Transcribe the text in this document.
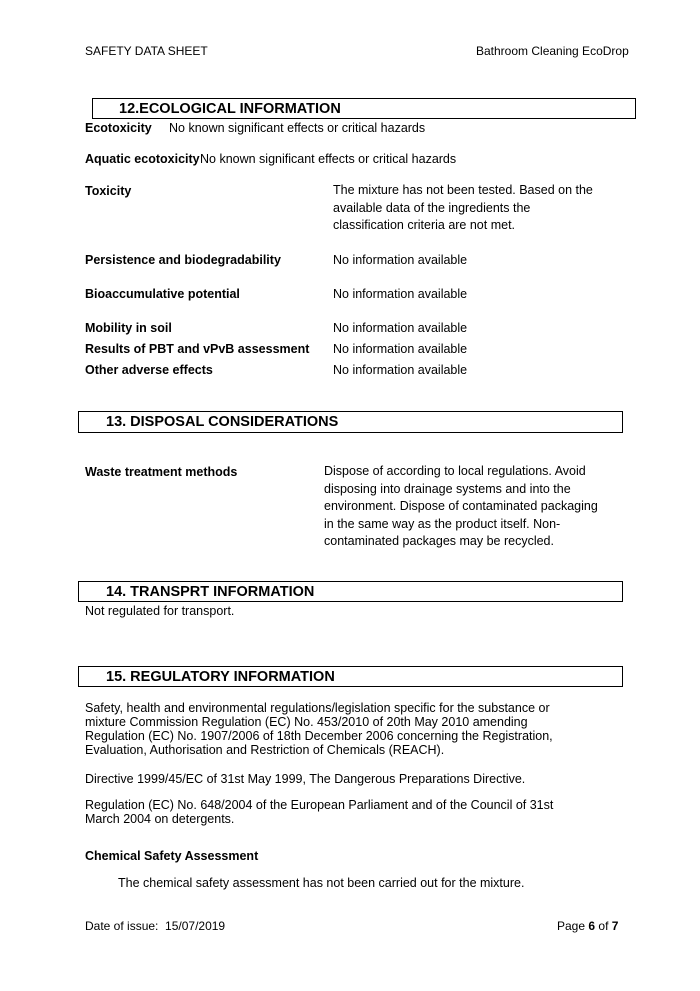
SAFETY DATA SHEET	Bathroom Cleaning EcoDrop
12.ECOLOGICAL INFORMATION
Ecotoxicity No known significant effects or critical hazards
Aquatic ecotoxicity No known significant effects or critical hazards
Toxicity	The mixture has not been tested. Based on the
available data of the ingredients the
classification criteria are not met.
Persistence and biodegradability	No information available
Bioaccumulative potential	No information available
Mobility in soil	No information available
Results of PBT and vPvB assessment No information available
Other adverse effects	No information available
13. DISPOSAL CONSIDERATIONS
Waste treatment methods	Dispose of according to local regulations. Avoid
disposing into drainage systems and into the
environment. Dispose of contaminated packaging
in the same way as the product itself. Non-
contaminated packages may be recycled.
14. TRANSPRT INFORMATION
Not regulated for transport.
15. REGULATORY INFORMATION
Safety, health and environmental regulations/legislation specific for the substance or
mixture Commission Regulation (EC) No. 453/2010 of 20th May 2010 amending
Regulation (EC) No. 1907/2006 of 18th December 2006 concerning the Registration,
Evaluation, Authorisation and Restriction of Chemicals (REACH).
Directive 1999/45/EC of 31st May 1999, The Dangerous Preparations Directive.
Regulation (EC) No. 648/2004 of the European Parliament and of the Council of 31st
March 2004 on detergents.
Chemical Safety Assessment
The chemical safety assessment has not been carried out for the mixture.
Date of issue: 15/07/2019	Page 6 of 7
